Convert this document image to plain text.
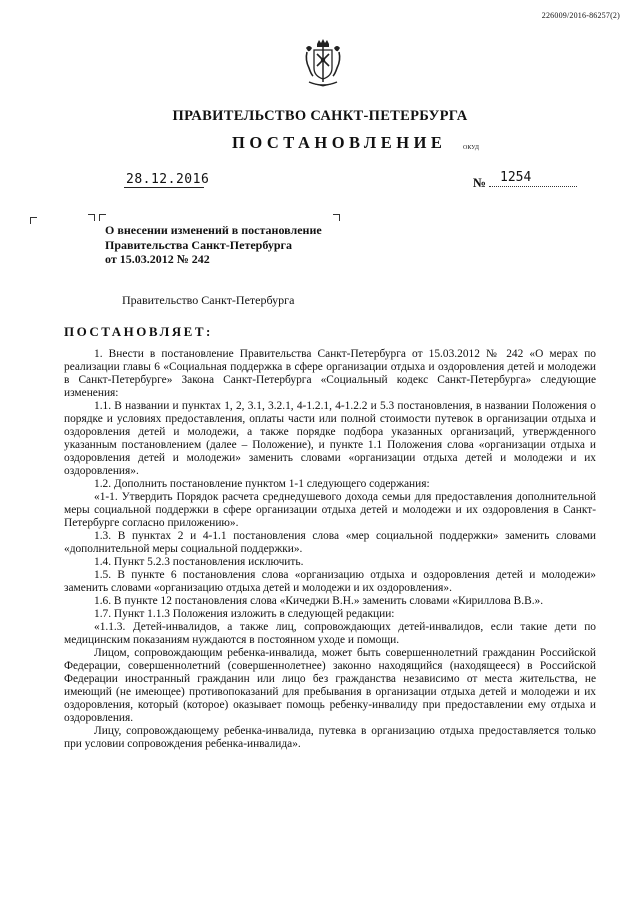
226009/2016-86257(2)
ПРАВИТЕЛЬСТВО САНКТ-ПЕТЕРБУРГА
ПОСТАНОВЛЕНИЕ	ОКУД
28.12.2016	№ 1254
О внесении изменений в постановление
Правительства Санкт-Петербурга
от 15.03.2012 № 242
Правительство Санкт-Петербурга
ПОСТАНОВЛЯЕТ:

1. Внести в постановление Правительства Санкт-Петербурга от 15.03.2012 № 242 «О мерах по реализации главы 6 «Социальная поддержка в сфере организации отдыха и оздоровления детей и молодежи в Санкт-Петербурге» Закона Санкт-Петербурга «Социальный кодекс Санкт-Петербурга» следующие изменения:

1.1. В названии и пунктах 1, 2, 3.1, 3.2.1, 4-1.2.1, 4-1.2.2 и 5.3 постановления, в названии Положения о порядке и условиях предоставления, оплаты части или полной стоимости путевок в организации отдыха и оздоровления детей и молодежи, а также порядке подбора указанных организаций, утвержденного указанным постановлением (далее – Положение), и пункте 1.1 Положения слова «организации отдыха и оздоровления детей и молодежи» заменить словами «организации отдыха детей и молодежи и их оздоровления».

1.2. Дополнить постановление пунктом 1-1 следующего содержания:

«1-1. Утвердить Порядок расчета среднедушевого дохода семьи для предоставления дополнительной меры социальной поддержки в сфере организации отдыха детей и молодежи и их оздоровления в Санкт-Петербурге согласно приложению».

1.3. В пунктах 2 и 4-1.1 постановления слова «мер социальной поддержки» заменить словами «дополнительной меры социальной поддержки».

1.4. Пункт 5.2.3 постановления исключить.

1.5. В пункте 6 постановления слова «организацию отдыха и оздоровления детей и молодежи» заменить словами «организацию отдыха детей и молодежи и их оздоровления».

1.6. В пункте 12 постановления слова «Кичеджи В.Н.» заменить словами «Кириллова В.В.».

1.7. Пункт 1.1.3 Положения изложить в следующей редакции:

«1.1.3. Детей-инвалидов, а также лиц, сопровождающих детей-инвалидов, если такие дети по медицинским показаниям нуждаются в постоянном уходе и помощи.

Лицом, сопровождающим ребенка-инвалида, может быть совершеннолетний гражданин Российской Федерации, совершеннолетний (совершеннолетнее) законно находящийся (находящееся) в Российской Федерации иностранный гражданин или лицо без гражданства независимо от места жительства, не имеющий (не имеющее) противопоказаний для пребывания в организации отдыха детей и молодежи и их оздоровления, который (которое) оказывает помощь ребенку-инвалиду при предоставлении ему отдыха и оздоровления.

Лицу, сопровождающему ребенка-инвалида, путевка в организацию отдыха предоставляется только при условии сопровождения ребенка-инвалида».
